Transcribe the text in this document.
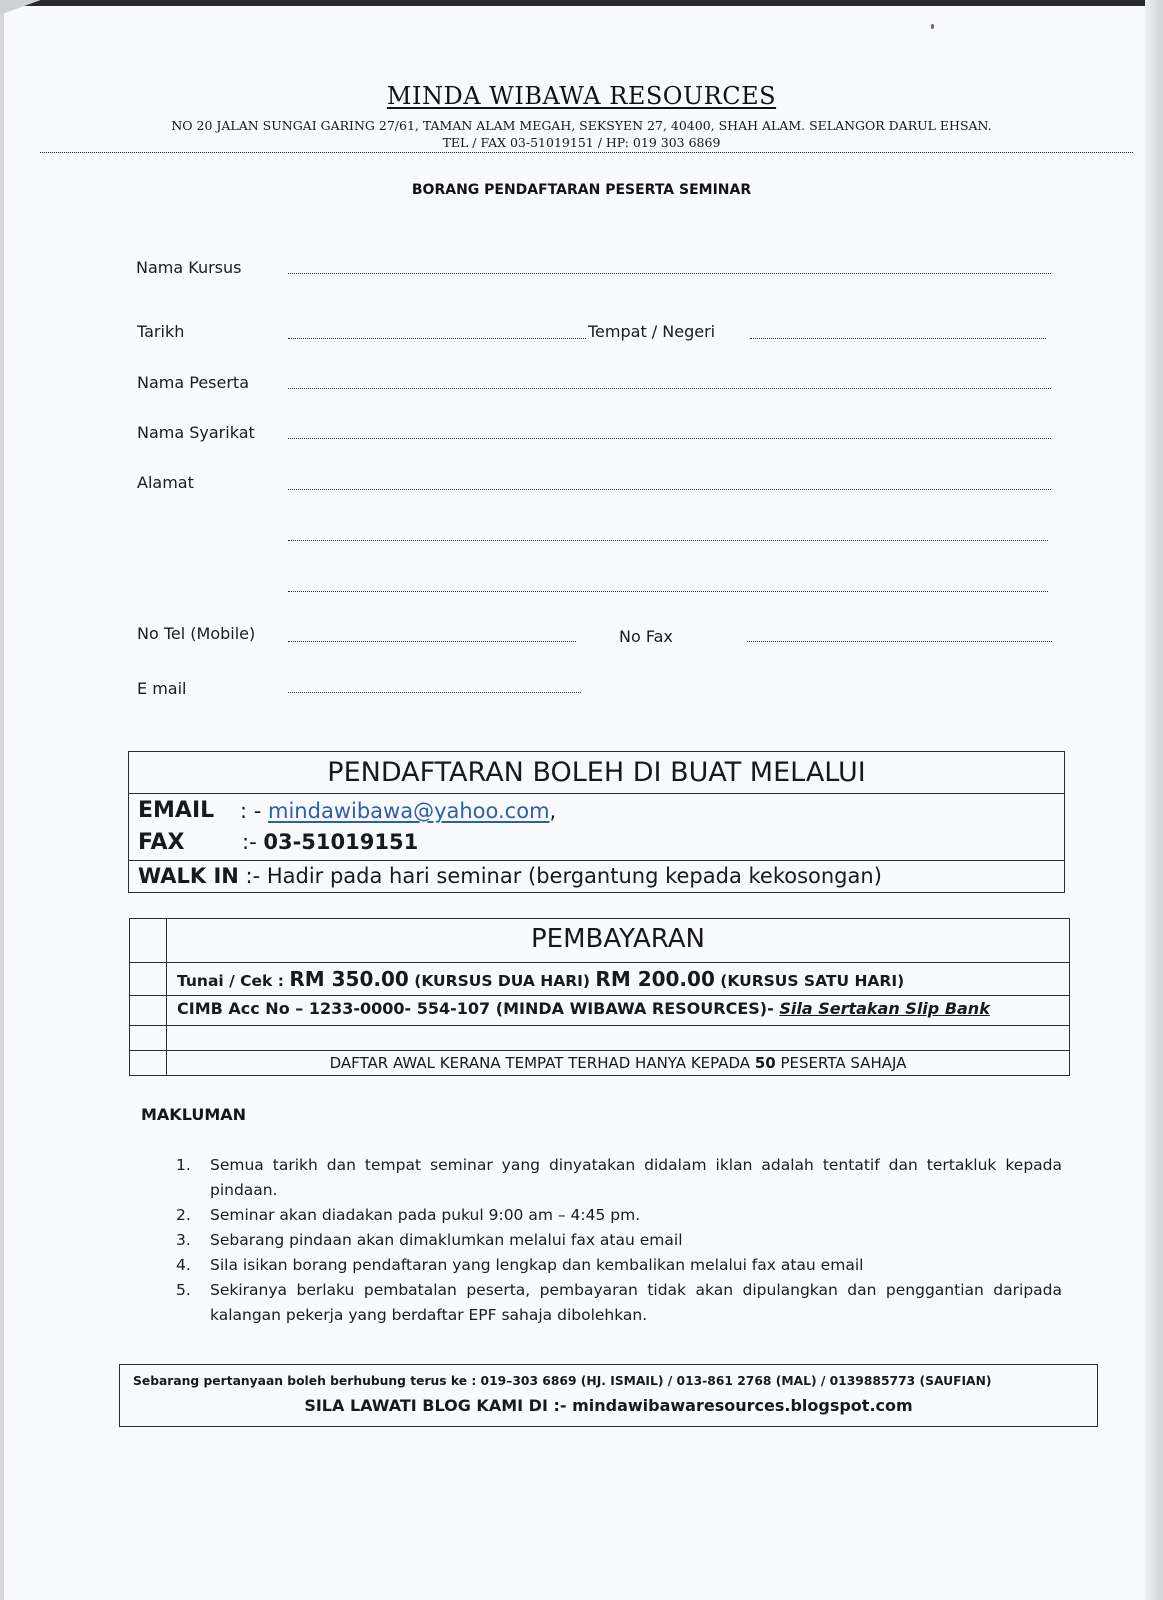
MINDA WIBAWA RESOURCES
NO 20 JALAN SUNGAI GARING 27/61, TAMAN ALAM MEGAH, SEKSYEN 27, 40400, SHAH ALAM. SELANGOR DARUL EHSAN.
TEL / FAX 03-51019151 / HP: 019 303 6869
BORANG PENDAFTARAN PESERTA SEMINAR
Nama Kursus
Tarikh	Tempat / Negeri
Nama Peserta
Nama Syarikat
Alamat
No Tel (Mobile)	No Fax
E mail
PENDAFTARAN BOLEH DI BUAT MELALUI
EMAIL : - mindawibawa@yahoo.com,
FAX	:- 03-51019151
WALK IN :- Hadir pada hari seminar (bergantung kepada kekosongan)
PEMBAYARAN
Tunai / Cek : RM 350.00 (KURSUS DUA HARI) RM 200.00 (KURSUS SATU HARI)
CIMB Acc No – 1233-0000- 554-107 (MINDA WIBAWA RESOURCES)- Sila Sertakan Slip Bank
DAFTAR AWAL KERANA TEMPAT TERHAD HANYA KEPADA 50 PESERTA SAHAJA
MAKLUMAN
1. Semua tarikh dan tempat seminar yang dinyatakan didalam iklan adalah tentatif dan tertakluk kepada pindaan.
2. Seminar akan diadakan pada pukul 9:00 am – 4:45 pm.
3. Sebarang pindaan akan dimaklumkan melalui fax atau email
4. Sila isikan borang pendaftaran yang lengkap dan kembalikan melalui fax atau email
5. Sekiranya berlaku pembatalan peserta, pembayaran tidak akan dipulangkan dan penggantian daripada kalangan pekerja yang berdaftar EPF sahaja dibolehkan.
Sebarang pertanyaan boleh berhubung terus ke : 019–303 6869 (HJ. ISMAIL) / 013-861 2768 (MAL) / 0139885773 (SAUFIAN)
SILA LAWATI BLOG KAMI DI :- mindawibawaresources.blogspot.com
